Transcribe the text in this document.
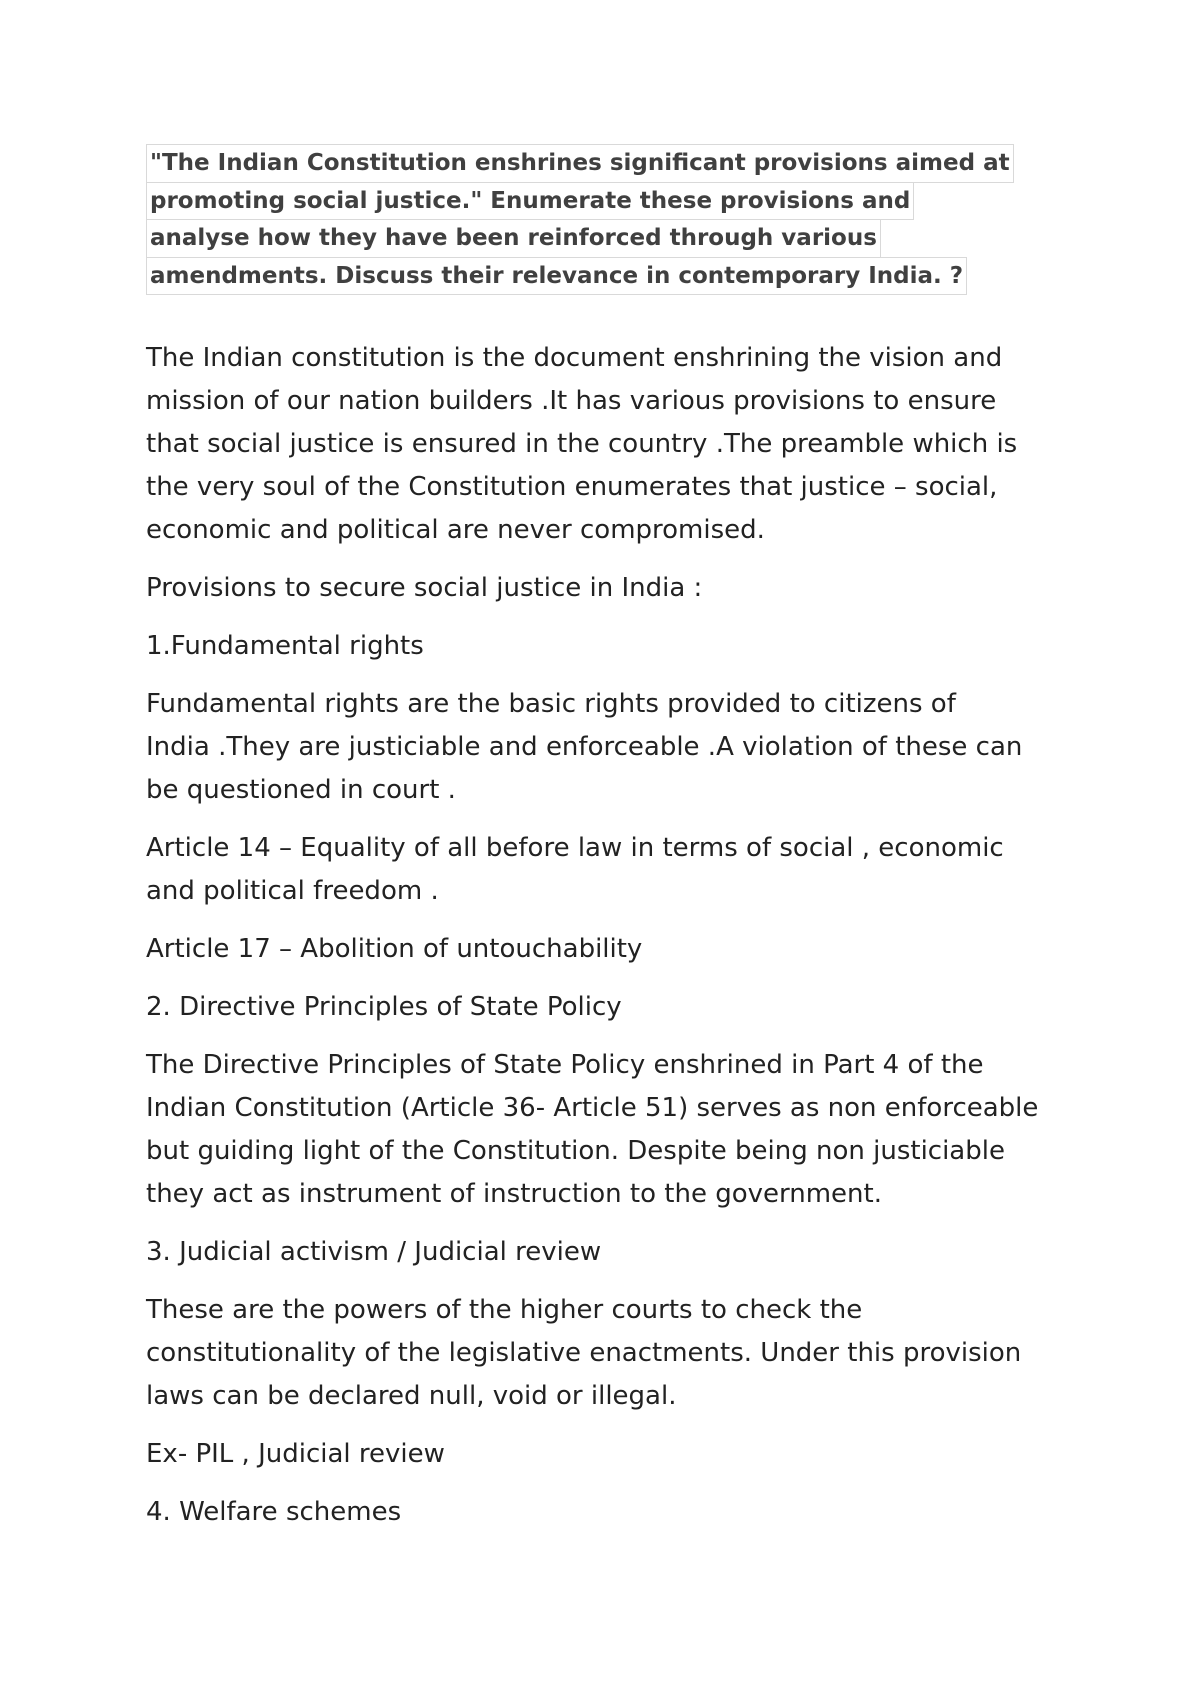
"The Indian Constitution enshrines significant provisions aimed at
promoting social justice." Enumerate these provisions and
analyse how they have been reinforced through various
amendments. Discuss their relevance in contemporary India. ?

The Indian constitution is the document enshrining the vision and
mission of our nation builders .It has various provisions to ensure
that social justice is ensured in the country .The preamble which is
the very soul of the Constitution enumerates that justice – social,
economic and political are never compromised.

Provisions to secure social justice in India :

1.Fundamental rights

Fundamental rights are the basic rights provided to citizens of
India .They are justiciable and enforceable .A violation of these can
be questioned in court .

Article 14 – Equality of all before law in terms of social , economic
and political freedom .

Article 17 – Abolition of untouchability

2. Directive Principles of State Policy

The Directive Principles of State Policy enshrined in Part 4 of the
Indian Constitution (Article 36- Article 51) serves as non enforceable
but guiding light of the Constitution. Despite being non justiciable
they act as instrument of instruction to the government.

3. Judicial activism / Judicial review

These are the powers of the higher courts to check the
constitutionality of the legislative enactments. Under this provision
laws can be declared null, void or illegal.

Ex- PIL , Judicial review

4. Welfare schemes
